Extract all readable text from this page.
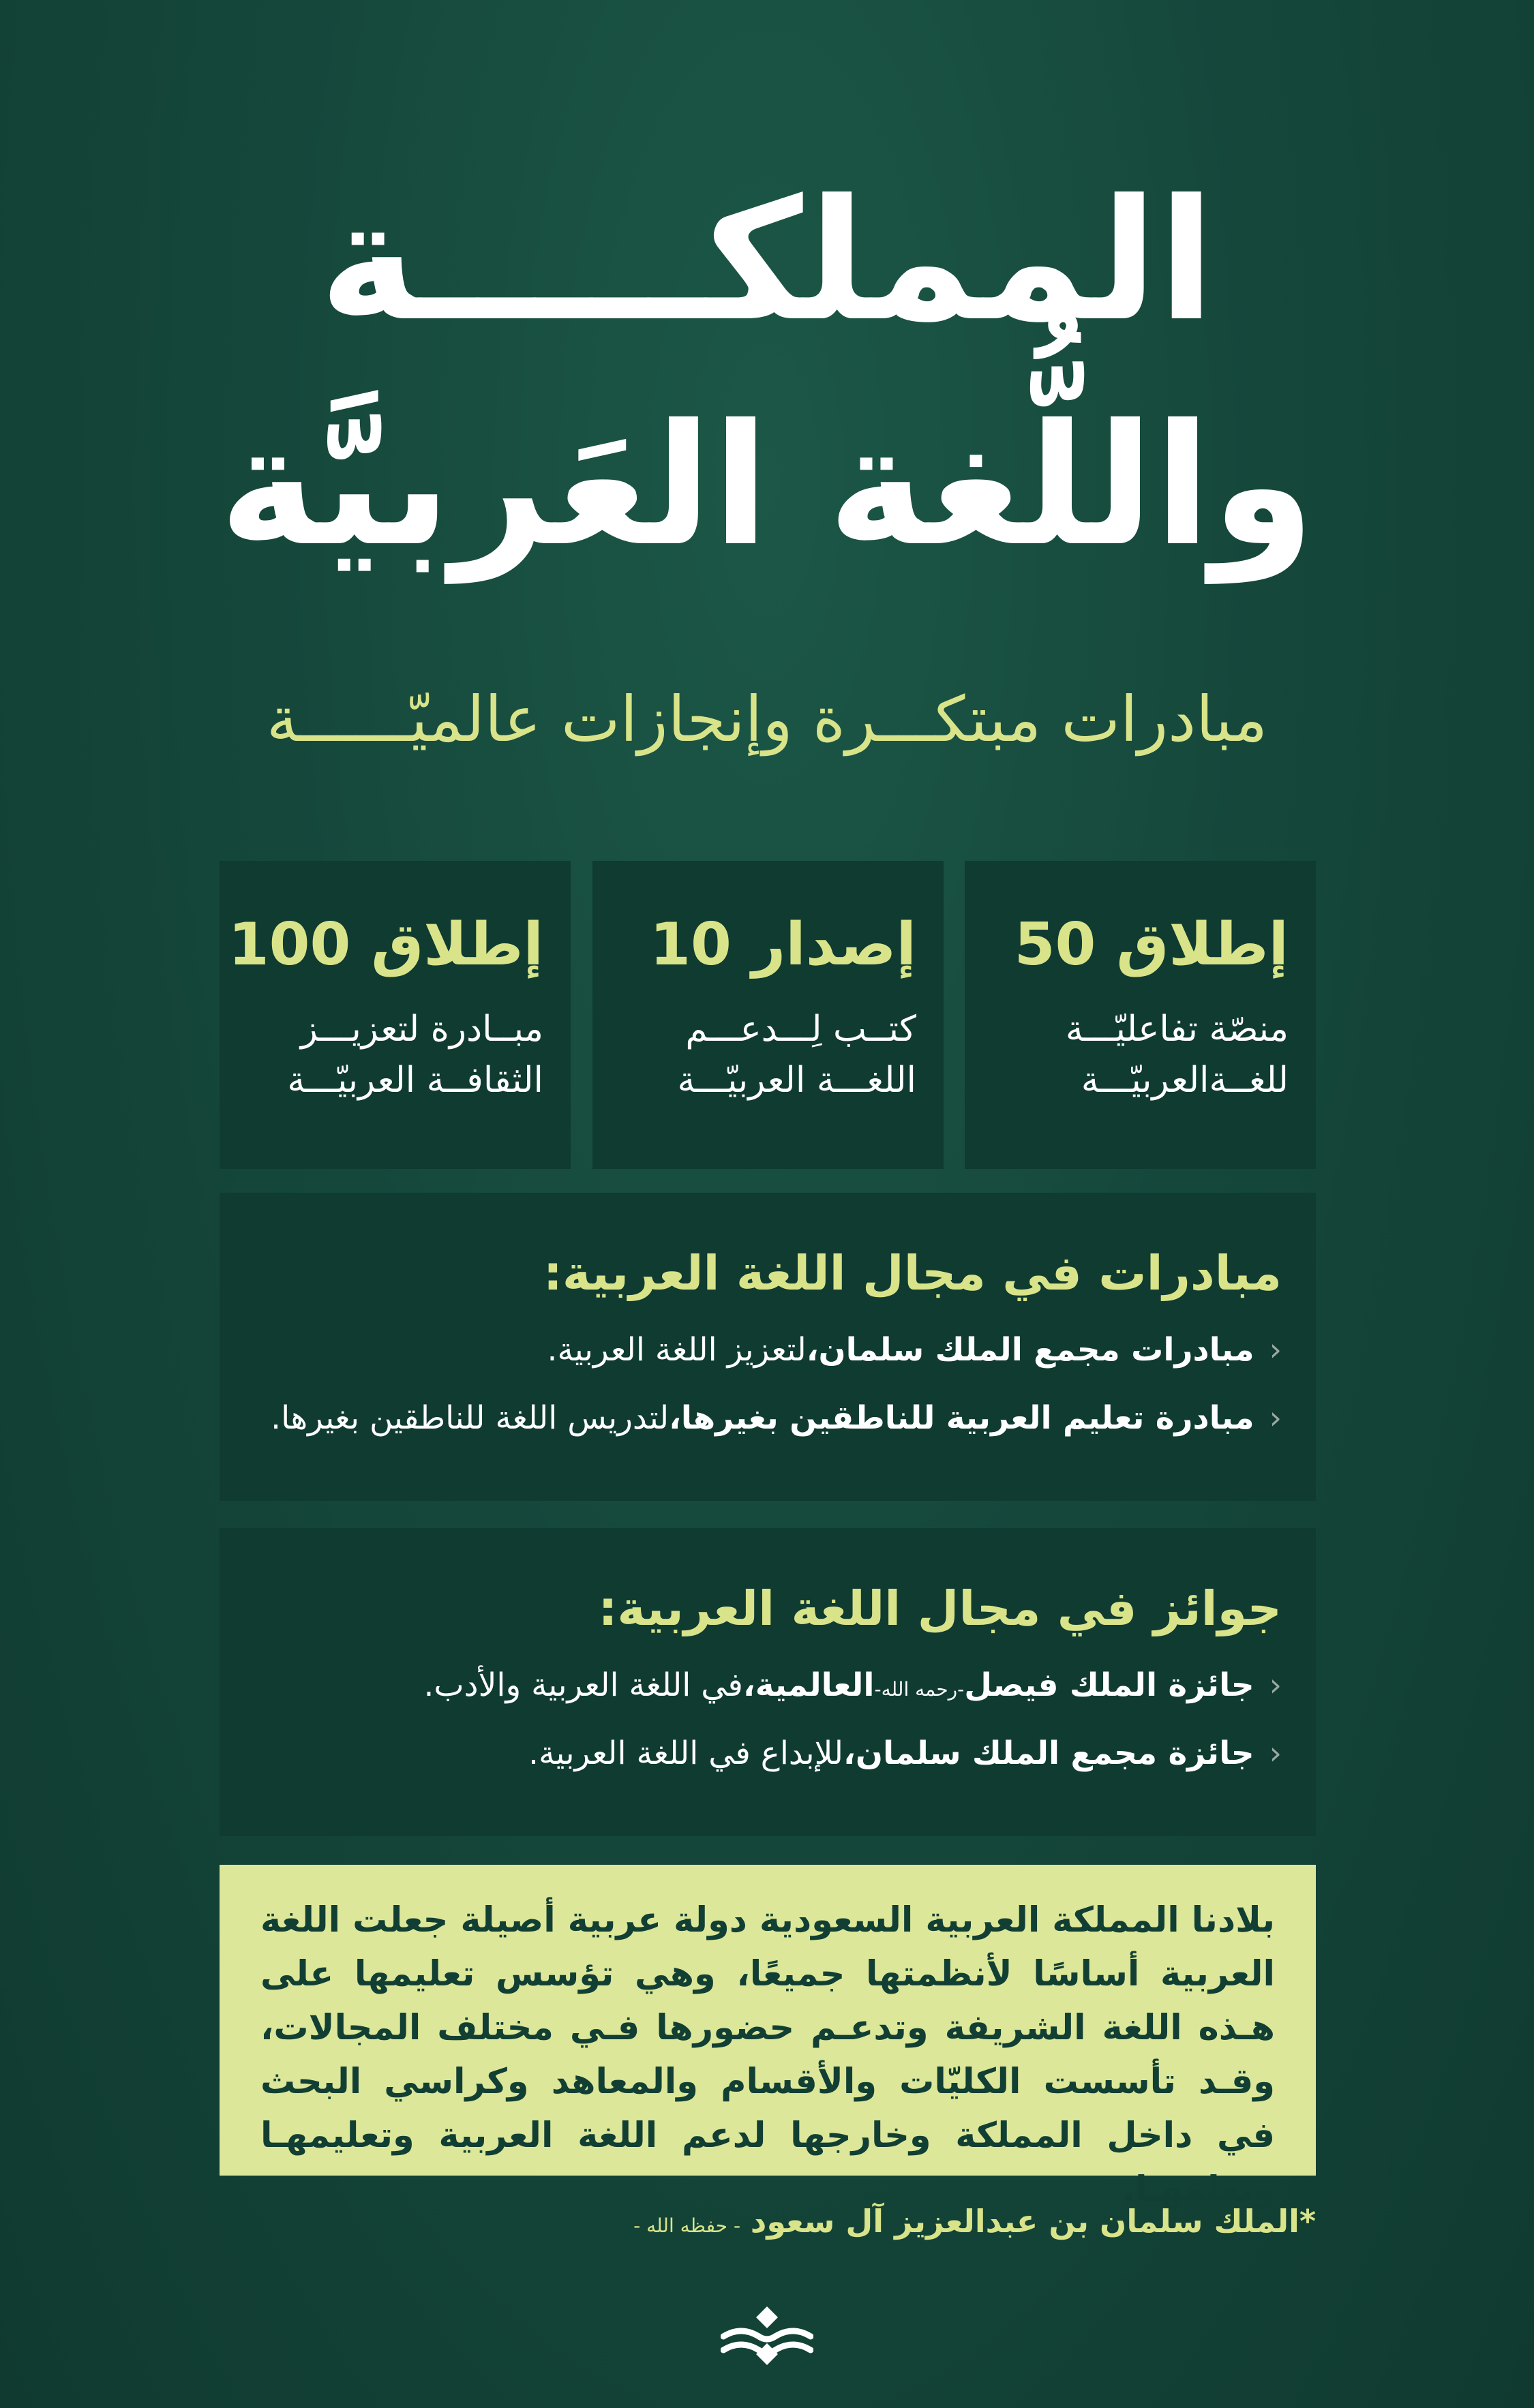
المملكـــــة
واللُّغة العَربيَّة
مبادرات مبتكـــرة وإنجازات عالميّــــــة
إطلاق 50
منصّة تفاعليّـــة
للغــةالعربيّـــة
إصدار 10
كتــب لِـــدعـــم
اللغـــة العربيّـــة
إطلاق 100
مبــادرة لتعزيـــز
الثقافــة العربيّـــة
مبادرات في مجال اللغة العربية:
‹
مبادرات مجمع الملك سلمان،
لتعزيز اللغة العربية.
‹
مبادرة تعليم العربية للناطقين بغيرها،
لتدريس اللغة للناطقين بغيرها.
جوائز في مجال اللغة العربية:
‹
جائزة الملك فيصل
-رحمه الله-
العالمية،
في اللغة العربية والأدب.
‹
جائزة مجمع الملك سلمان،
للإبداع في اللغة العربية.
بلادنا المملكة العربية السعودية دولة عربية أصيلة جعلت اللغة العربية أساسًا لأنظمتها جميعًا، وهي تؤسس تعليمها على هـذه اللغة الشريفة وتدعـم حضورها فـي مختلف المجالات، وقـد تأسست الكليّات والأقسام والمعاهد وكراسي البحث في داخل المملكة وخارجها لدعم اللغة العربية وتعليمهـا وتعلمهـا.
*الملك سلمان بن عبدالعزيز آل سعود - حفظه الله -
